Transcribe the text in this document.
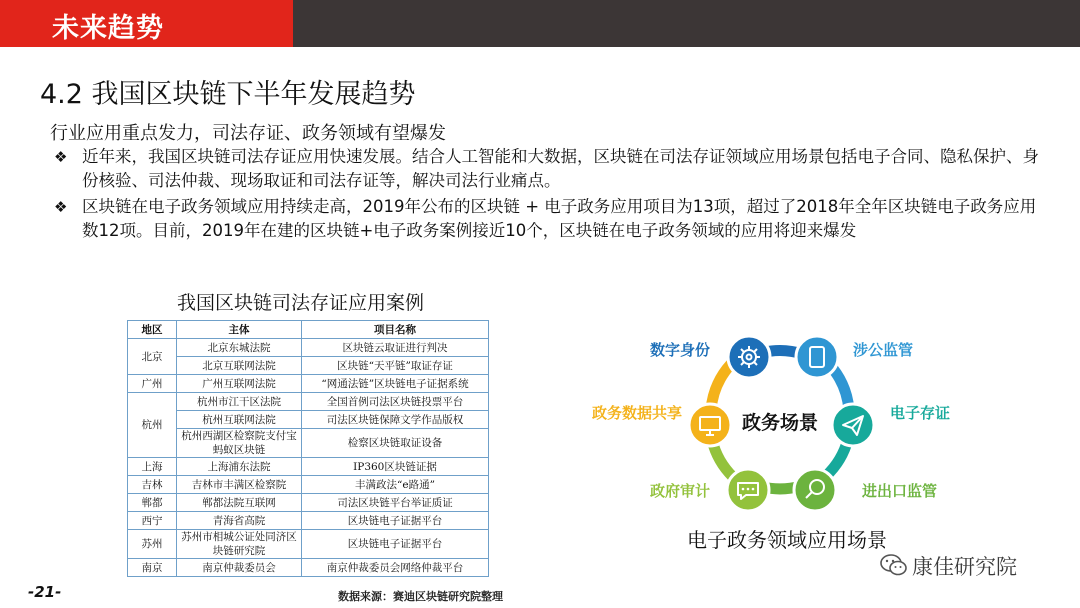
未来趋势
4.2 我国区块链下半年发展趋势
行业应用重点发力，司法存证、政务领域有望爆发
❖ 近年来，我国区块链司法存证应用快速发展。结合人工智能和大数据，区块链在司法存证领域应用场景包括电子合同、隐私保护、身份核验、司法仲裁、现场取证和司法存证等，解决司法行业痛点。
❖ 区块链在电子政务领域应用持续走高，2019年公布的区块链 + 电子政务应用项目为13项，超过了2018年全年区块链电子政务应用数12项。目前，2019年在建的区块链+电子政务案例接近10个，区块链在电子政务领域的应用将迎来爆发
我国区块链司法存证应用案例
地区	主体	项目名称
北京	北京东城法院	区块链云取证进行判决
	北京互联网法院	区块链“天平链”取证存证
广州	广州互联网法院	“网通法链”区块链电子证据系统
杭州	杭州市江干区法院	全国首例司法区块链投票平台
	杭州互联网法院	司法区块链保障文学作品版权
	杭州西湖区检察院支付宝蚂蚁区块链	检察区块链取证设备
上海	上海浦东法院	IP360区块链证据
吉林	吉林市丰满区检察院	丰满政法“e路通”
郸都	郸都法院互联网	司法区块链平台举证质证
西宁	青海省高院	区块链电子证据平台
苏州	苏州市相城公证处同济区块链研究院	区块链电子证据平台
南京	南京仲裁委员会	南京仲裁委员会网络仲裁平台
数据来源：赛迪区块链研究院整理
-21-
政务场景
数字身份	涉公监管
电子存证
进出口监管
政府审计
政务数据共享
电子政务领域应用场景
康佳研究院
